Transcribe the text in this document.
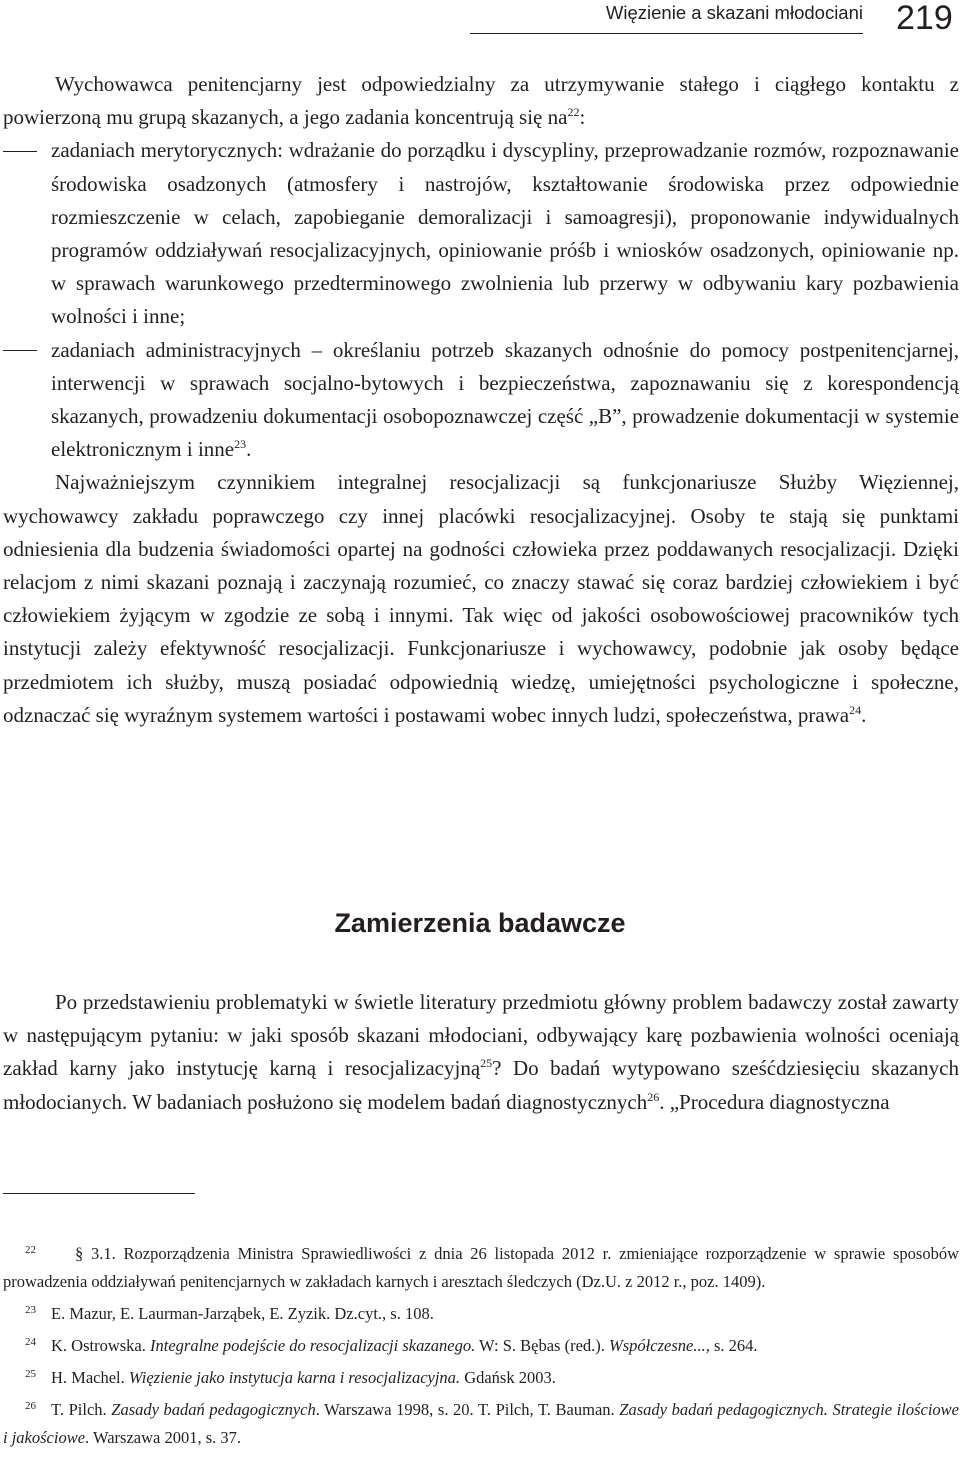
Więzienie a skazani młodociani 219

Wychowawca penitencjarny jest odpowiedzialny za utrzymywanie stałego i ciągłego kontaktu z powierzoną mu grupą skazanych, a jego zadania koncentrują się $na^{22}$:

zadaniach merytorycznych: wdrażanie do porządku i dyscypliny, przeprowadzanie rozmów, rozpoznawanie środowiska osadzonych (atmosfery i nastrojów, kształtowanie środowiska przez odpowiednie rozmieszczenie w celach, zapobieganie demoralizacji i samoagresji), proponowanie indywidualnych programów oddziaływań resocjalizacyjnych, opiniowanie próśb i wniosków osadzonych, opiniowanie np. w sprawach warunkowego przedterminowego zwolnienia lub przerwy w odbywaniu kary pozbawienia wolności i inne;

zadaniach administracyjnych – określaniu potrzeb skazanych odnośnie do pomocy postpenitencjarnej, interwencji w sprawach socjalno-bytowych i bezpieczeństwa, zapoznawaniu się z korespondencją skazanych, prowadzeniu dokumentacji osobopoznawczej część „B”, prowadzenie dokumentacji w systemie elektronicznym i inne$^{23}$.

Najważniejszym czynnikiem integralnej resocjalizacji są funkcjonariusze Służby Więziennej, wychowawcy zakładu poprawczego czy innej placówki resocjalizacyjnej. Osoby te stają się punktami odniesienia dla budzenia świadomości opartej na godności człowieka przez poddawanych resocjalizacji. Dzięki relacjom z nimi skazani poznają i zaczynają rozumieć, co znaczy stawać się coraz bardziej człowiekiem i być człowiekiem żyjącym w zgodzie ze sobą i innymi. Tak więc od jakości osobowościowej pracowników tych instytucji zależy efektywność resocjalizacji. Funkcjonariusze i wychowawcy, podobnie jak osoby będące przedmiotem ich służby, muszą posiadać odpowiednią wiedzę, umiejętności psychologiczne i społeczne, odznaczać się wyraźnym systemem wartości i postawami wobec innych ludzi, społeczeństwa, prawa$^{24}$.

Zamierzenia badawcze

Po przedstawieniu problematyki w świetle literatury przedmiotu główny problem badawczy został zawarty w następującym pytaniu: w jaki sposób skazani młodociani, odbywający karę pozbawienia wolności oceniają zakład karny jako instytucję karną i resocjalizacyjną$^{25}$? Do badań wytypowano sześćdziesięciu skazanych młodocianych. W badaniach posłużono się modelem badań diagnostycznych$^{26}$. „Procedura diagnostyczna

$^{22}$ § 3.1. Rozporządzenia Ministra Sprawiedliwości z dnia 26 listopada 2012 r. zmieniające rozporządzenie w sprawie sposobów prowadzenia oddziaływań penitencjarnych w zakładach karnych i aresztach śledczych (Dz.U. z 2012 r., poz. 1409).

$^{23}$ E. Mazur, E. Laurman-Jarząbek, E. Zyzik. Dz.cyt., s. 108.

$^{24}$ K. Ostrowska. Integralne podejście do resocjalizacji skazanego. W: S. Bębas (red.). Współczesne..., s. 264.

$^{25}$ H. Machel. Więzienie jako instytucja karna i resocjalizacyjna. Gdańsk 2003.

$^{26}$ T. Pilch. Zasady badań pedagogicznych. Warszawa 1998, s. 20. T. Pilch, T. Bauman. Zasady badań pedagogicznych. Strategie ilościowe i jakościowe. Warszawa 2001, s. 37.
